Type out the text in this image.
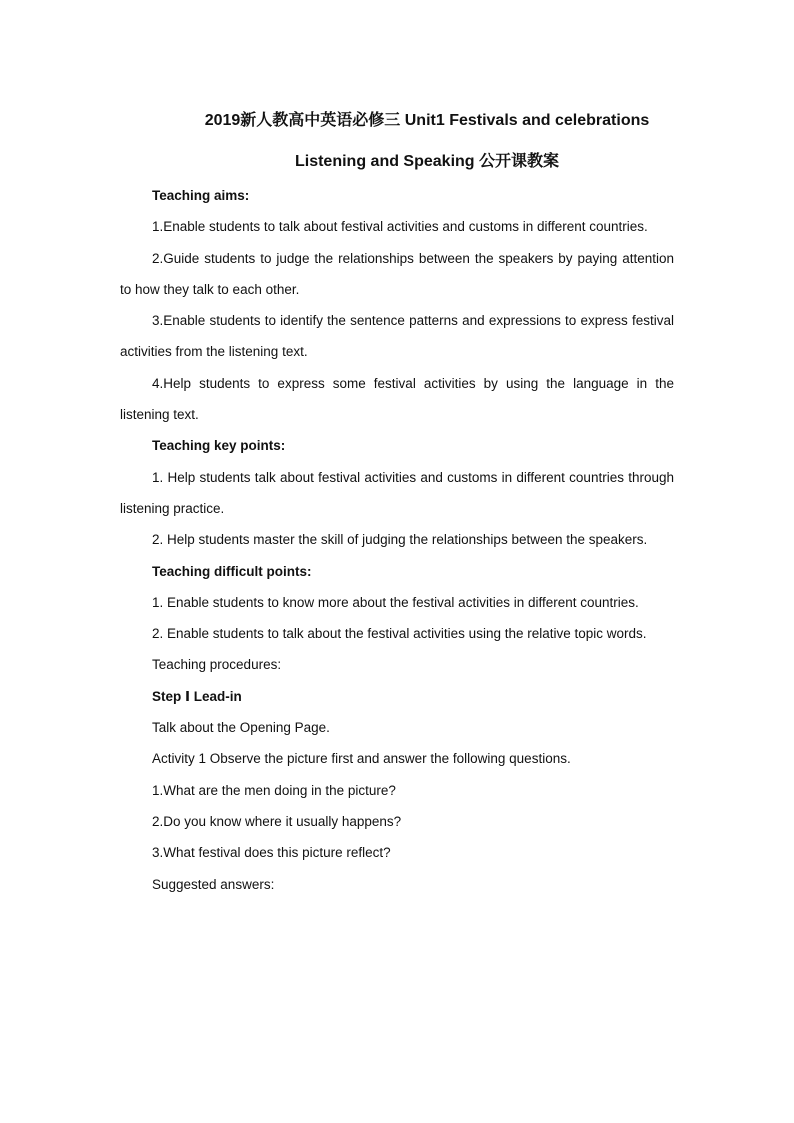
2019新人教高中英语必修三 Unit1 Festivals and celebrations
Listening and Speaking 公开课教案

Teaching aims:

1.Enable students to talk about festival activities and customs in different countries.

2.Guide students to judge the relationships between the speakers by paying attention to how they talk to each other.

3.Enable students to identify the sentence patterns and expressions to express festival activities from the listening text.

4.Help students to express some festival activities by using the language in the listening text.

Teaching key points:

1. Help students talk about festival activities and customs in different countries through listening practice.

2. Help students master the skill of judging the relationships between the speakers.

Teaching difficult points:

1. Enable students to know more about the festival activities in different countries.

2. Enable students to talk about the festival activities using the relative topic words.

Teaching procedures:

Step Ⅰ Lead-in

Talk about the Opening Page.

Activity 1 Observe the picture first and answer the following questions.

1.What are the men doing in the picture?

2.Do you know where it usually happens?

3.What festival does this picture reflect?

Suggested answers:
